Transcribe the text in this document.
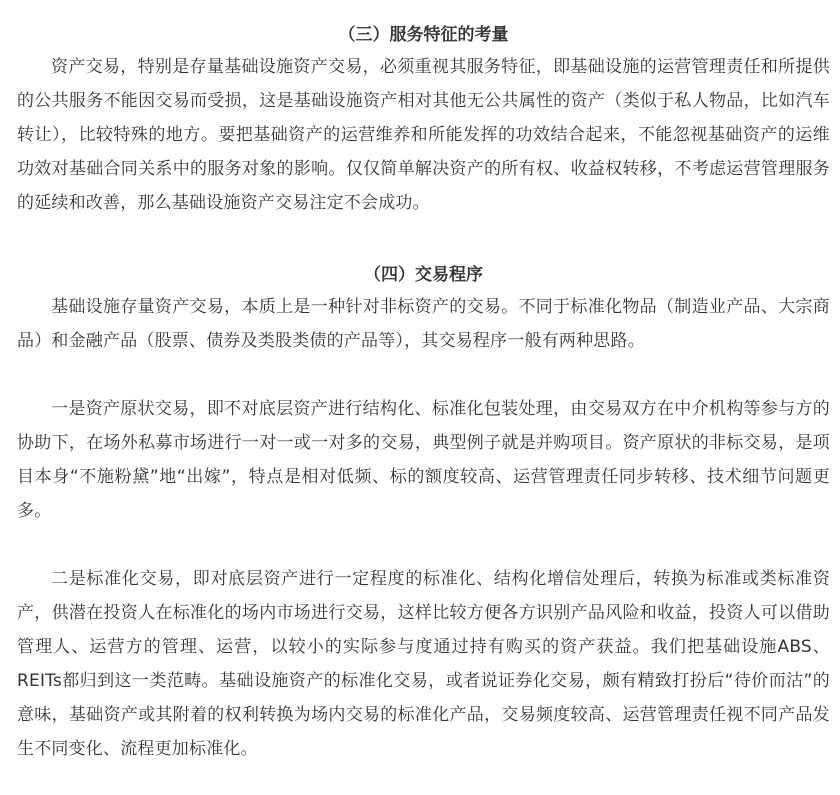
（三）服务特征的考量

资产交易，特别是存量基础设施资产交易，必须重视其服务特征，即基础设施的运营管理责任和所提供的公共服务不能因交易而受损，这是基础设施资产相对其他无公共属性的资产（类似于私人物品，比如汽车转让），比较特殊的地方。要把基础资产的运营维养和所能发挥的功效结合起来，不能忽视基础资产的运维功效对基础合同关系中的服务对象的影响。仅仅简单解决资产的所有权、收益权转移，不考虑运营管理服务的延续和改善，那么基础设施资产交易注定不会成功。

（四）交易程序

基础设施存量资产交易，本质上是一种针对非标资产的交易。不同于标准化物品（制造业产品、大宗商品）和金融产品（股票、债券及类股类债的产品等），其交易程序一般有两种思路。

一是资产原状交易，即不对底层资产进行结构化、标准化包装处理，由交易双方在中介机构等参与方的协助下，在场外私募市场进行一对一或一对多的交易，典型例子就是并购项目。资产原状的非标交易，是项目本身“不施粉黛”地“出嫁”，特点是相对低频、标的额度较高、运营管理责任同步转移、技术细节问题更多。

二是标准化交易，即对底层资产进行一定程度的标准化、结构化增信处理后，转换为标准或类标准资产，供潜在投资人在标准化的场内市场进行交易，这样比较方便各方识别产品风险和收益，投资人可以借助管理人、运营方的管理、运营，以较小的实际参与度通过持有购买的资产获益。我们把基础设施ABS、REITs都归到这一类范畴。基础设施资产的标准化交易，或者说证券化交易，颇有精致打扮后“待价而沽”的意味，基础资产或其附着的权利转换为场内交易的标准化产品，交易频度较高、运营管理责任视不同产品发生不同变化、流程更加标准化。
